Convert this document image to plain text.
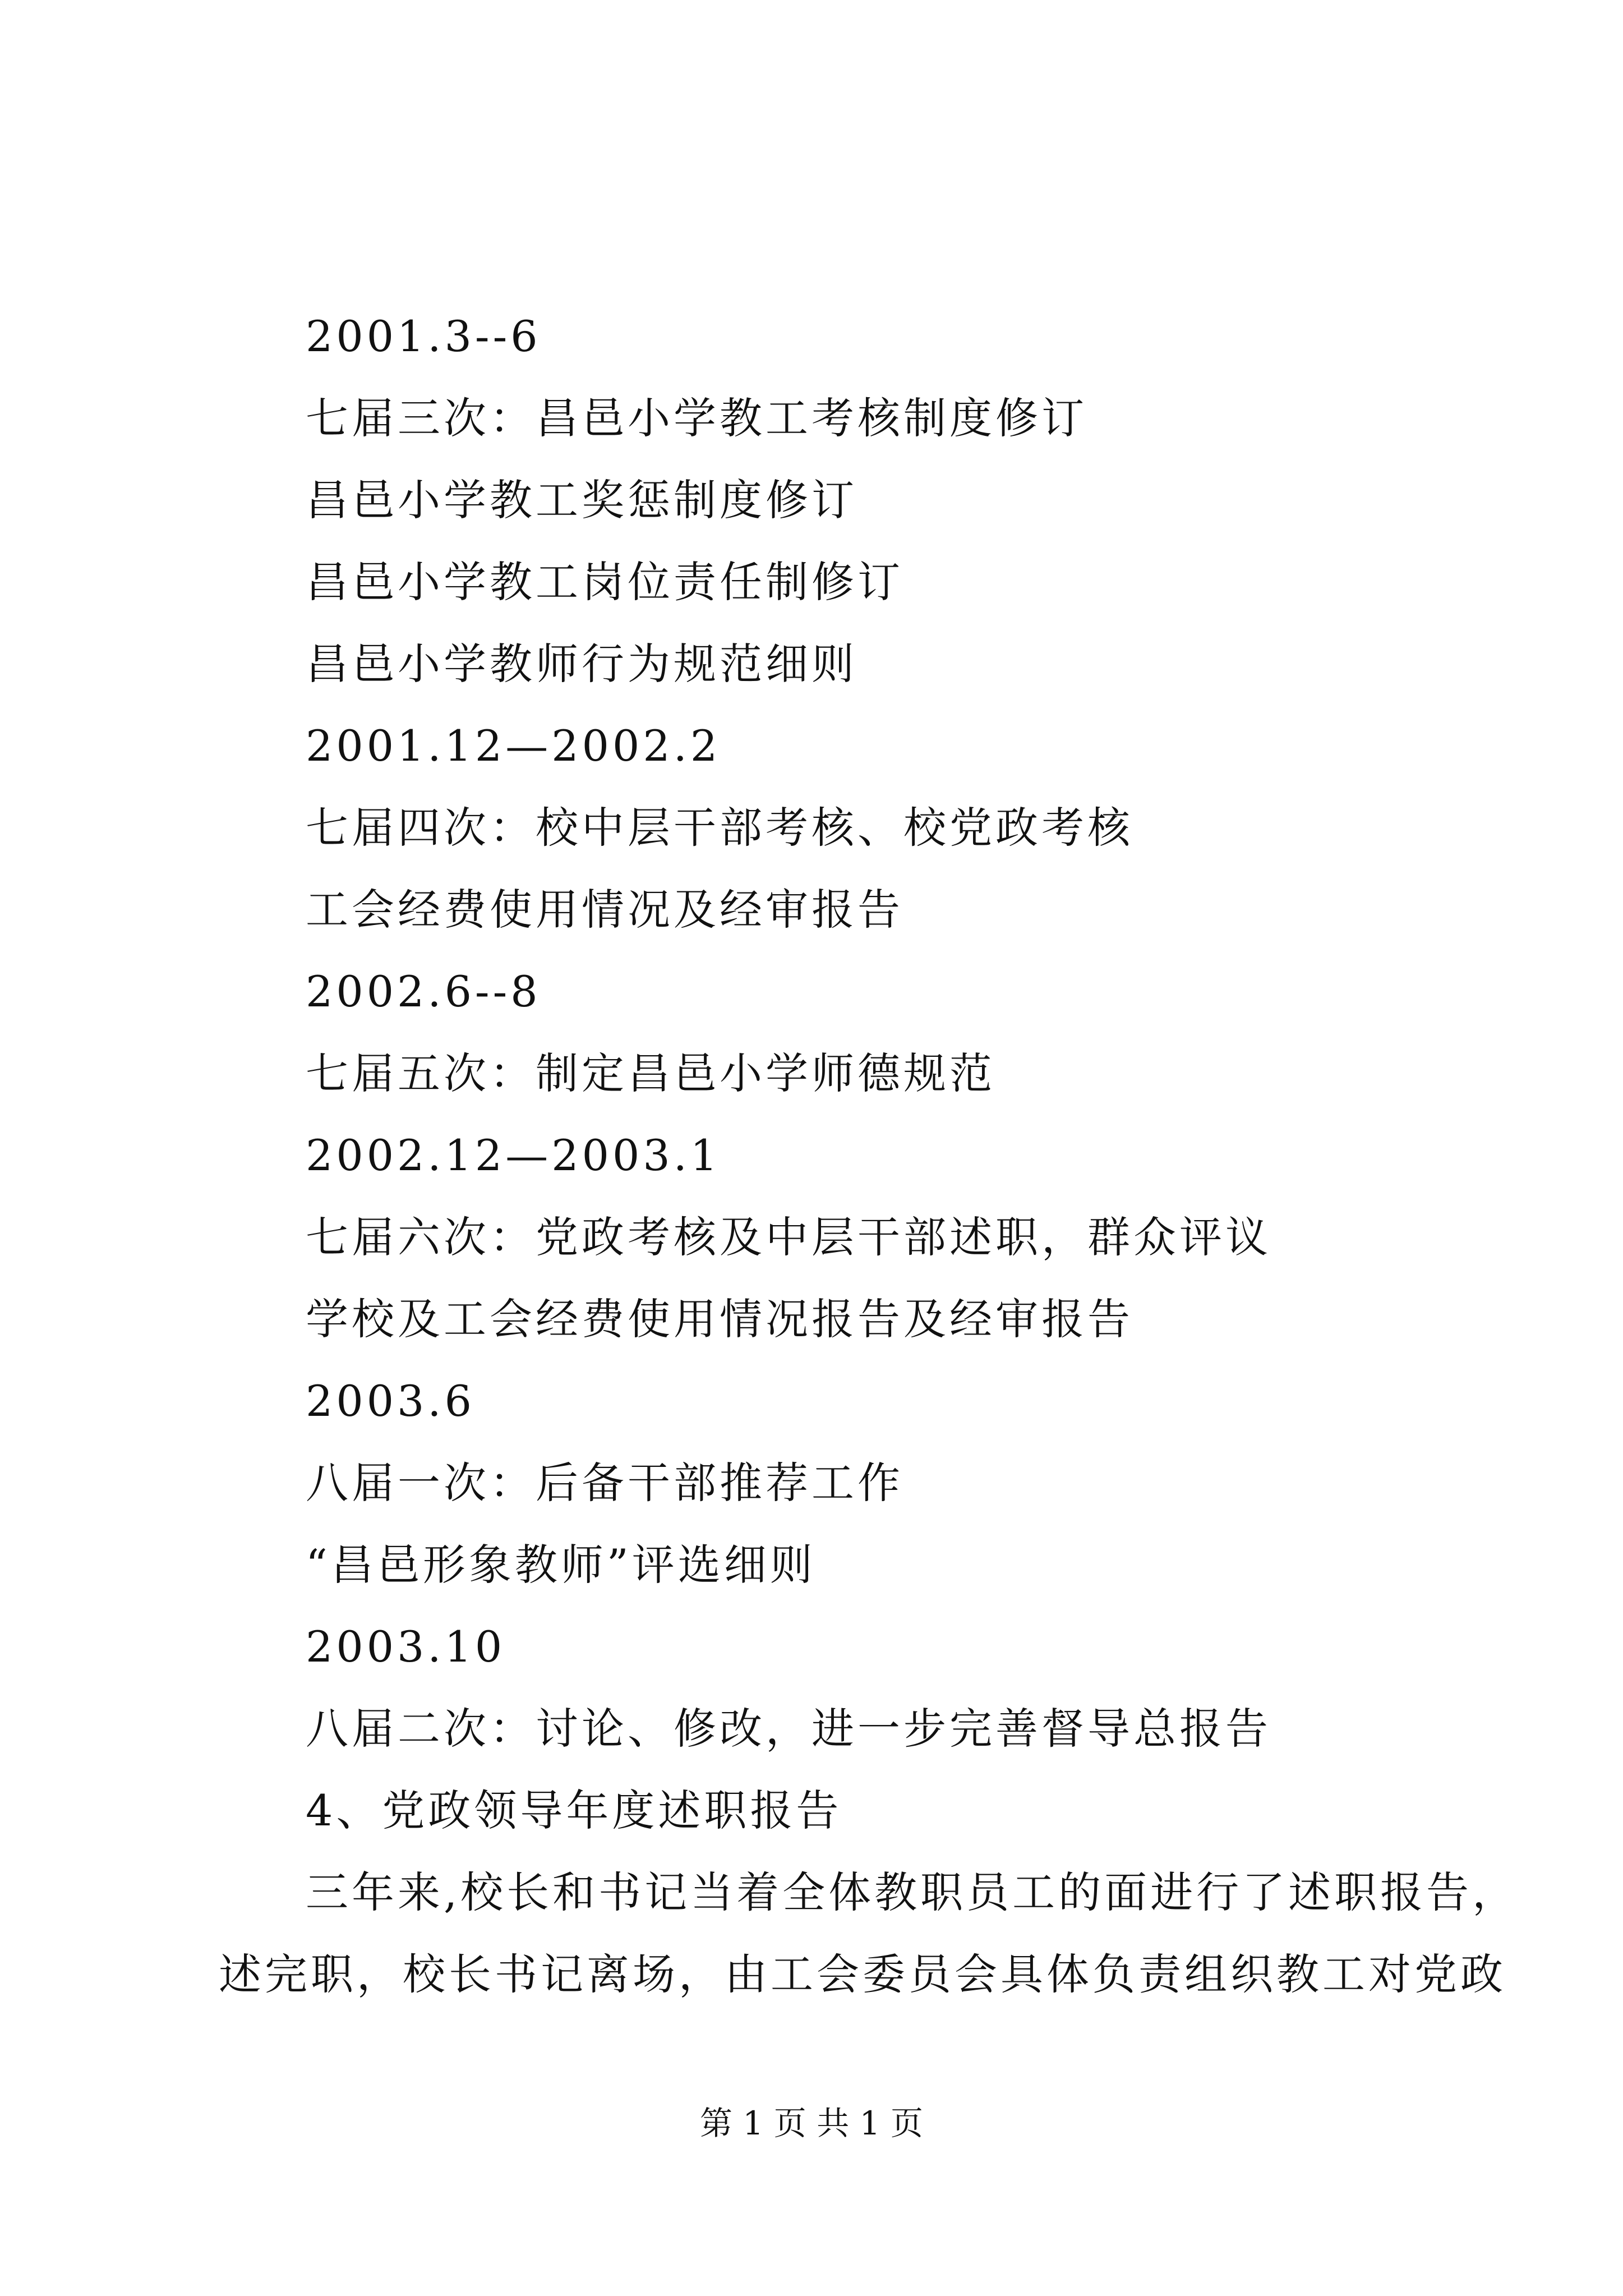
2001.3--6
七届三次：昌邑小学教工考核制度修订
昌邑小学教工奖惩制度修订
昌邑小学教工岗位责任制修订
昌邑小学教师行为规范细则
2001.12—2002.2
七届四次：校中层干部考核、校党政考核
工会经费使用情况及经审报告
2002.6--8
七届五次：制定昌邑小学师德规范
2002.12—2003.1
七届六次：党政考核及中层干部述职，群众评议
学校及工会经费使用情况报告及经审报告
2003.6
八届一次：后备干部推荐工作
“昌邑形象教师”评选细则
2003.10
八届二次：讨论、修改，进一步完善督导总报告
4、党政领导年度述职报告
三年来,校长和书记当着全体教职员工的面进行了述职报告，
述完职，校长书记离场，由工会委员会具体负责组织教工对党政
第 1 页 共 1 页
